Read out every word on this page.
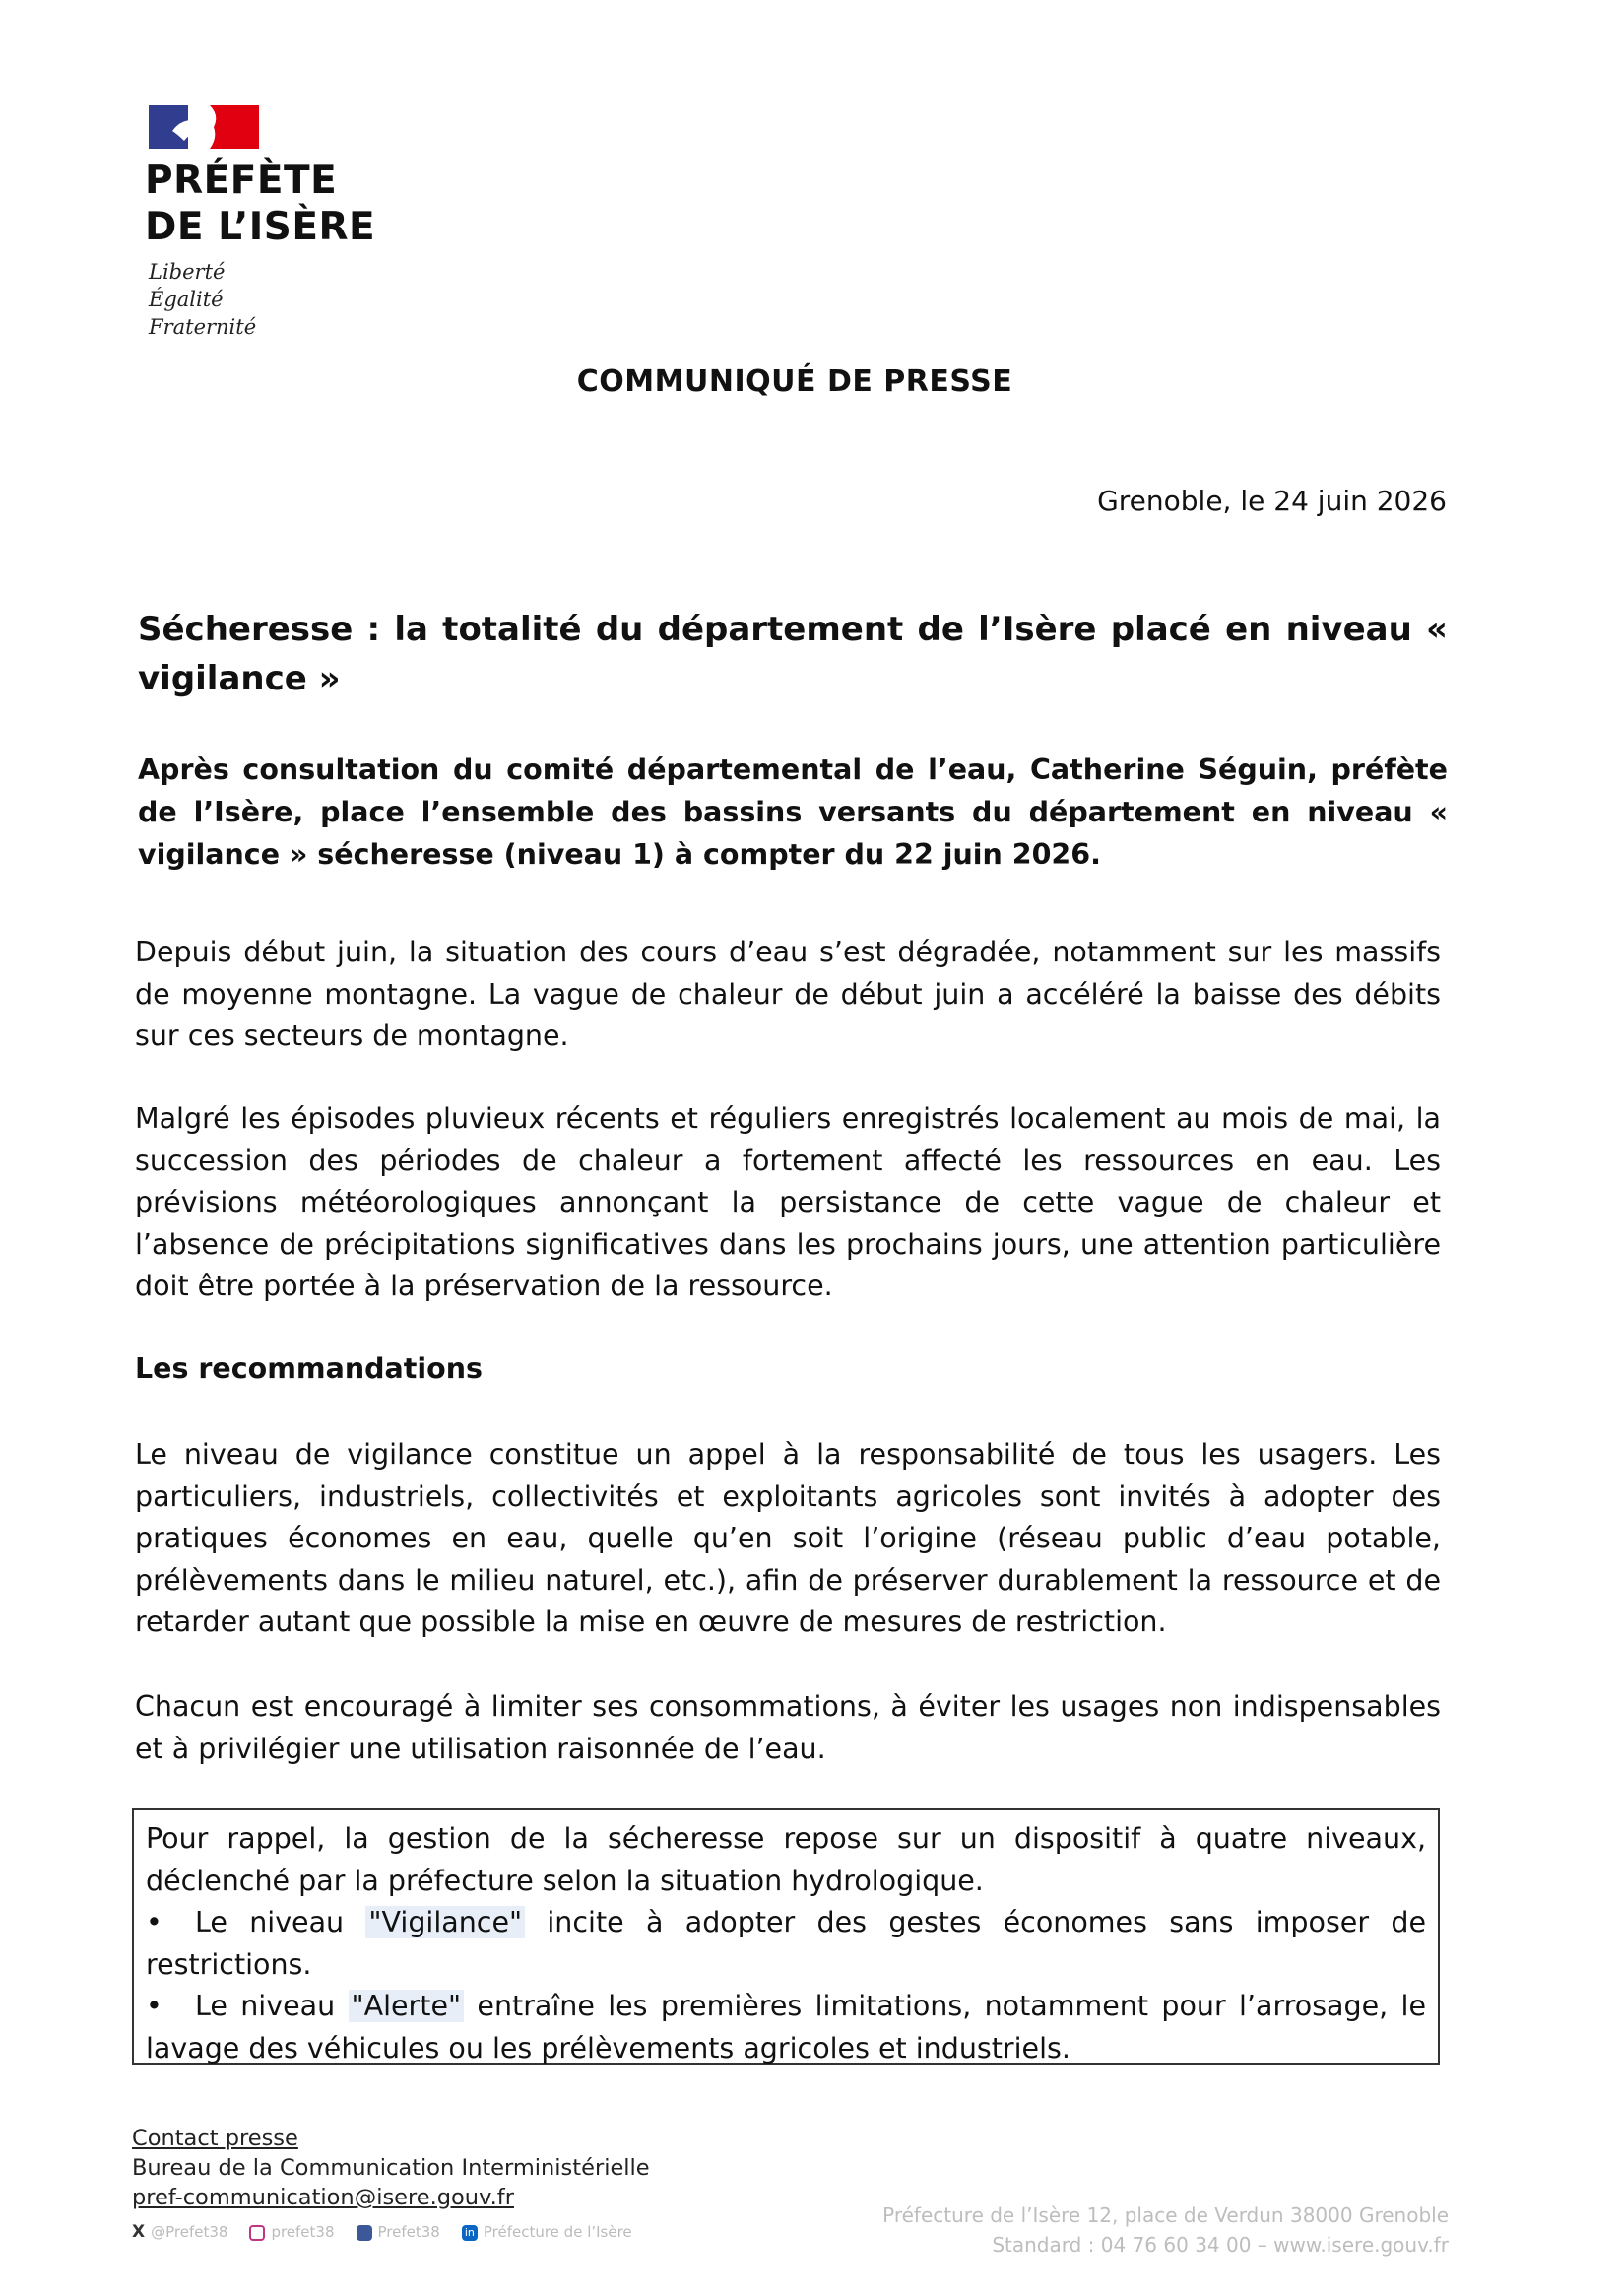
PRÉFÈTE
DE L’ISÈRE
Liberté
Égalité
Fraternité
COMMUNIQUÉ DE PRESSE
Grenoble, le 24 juin 2026
Sécheresse : la totalité du département de l’Isère placé en niveau « vigilance »
Après consultation du comité départemental de l’eau, Catherine Séguin, préfète de l’Isère, place l’ensemble des bassins versants du département en niveau « vigilance » sécheresse (niveau 1) à compter du 22 juin 2026.
Depuis début juin, la situation des cours d’eau s’est dégradée, notamment sur les massifs de moyenne montagne. La vague de chaleur de début juin a accéléré la baisse des débits sur ces secteurs de montagne.
Malgré les épisodes pluvieux récents et réguliers enregistrés localement au mois de mai, la succession des périodes de chaleur a fortement affecté les ressources en eau. Les prévisions météorologiques annonçant la persistance de cette vague de chaleur et l’absence de précipitations significatives dans les prochains jours, une attention particulière doit être portée à la préservation de la ressource.
Les recommandations
Le niveau de vigilance constitue un appel à la responsabilité de tous les usagers. Les particuliers, industriels, collectivités et exploitants agricoles sont invités à adopter des pratiques économes en eau, quelle qu’en soit l’origine (réseau public d’eau potable, prélèvements dans le milieu naturel, etc.), afin de préserver durablement la ressource et de retarder autant que possible la mise en œuvre de mesures de restriction.
Chacun est encouragé à limiter ses consommations, à éviter les usages non indispensables et à privilégier une utilisation raisonnée de l’eau.
Pour rappel, la gestion de la sécheresse repose sur un dispositif à quatre niveaux, déclenché par la préfecture selon la situation hydrologique.
• Le niveau "Vigilance" incite à adopter des gestes économes sans imposer de restrictions.
• Le niveau "Alerte" entraîne les premières limitations, notamment pour l’arrosage, le lavage des véhicules ou les prélèvements agricoles et industriels.
Contact presse
Bureau de la Communication Interministérielle
pref-communication@isere.gouv.fr
X @Prefet38	prefet38	Prefet38 in Préfecture de l’Isère
Préfecture de l’Isère 12, place de Verdun 38000 Grenoble
Standard : 04 76 60 34 00 – www.isere.gouv.fr
